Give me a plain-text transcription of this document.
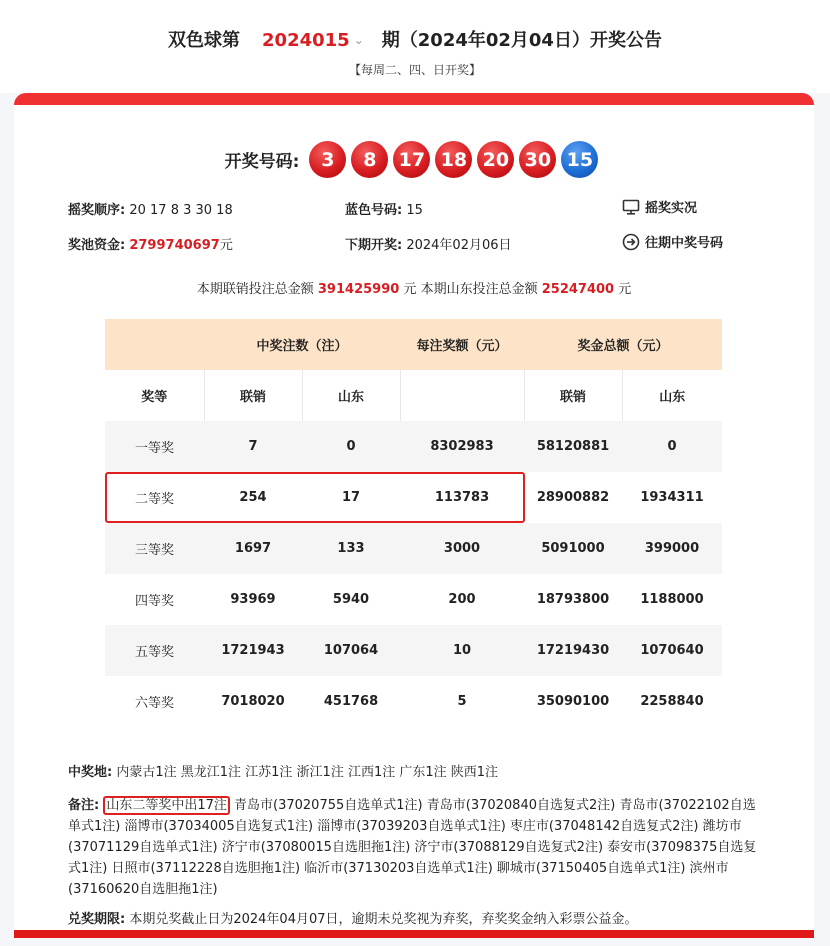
双色球第 2024015 ⌄ 期（2024年02月04日）开奖公告
【每周二、四、日开奖】
开奖号码:	3	8	17 18 20 30 15
摇奖顺序: 20 17 8 3 30 18	蓝色号码: 15	摇奖实况
奖池资金: 2799740697元	下期开奖: 2024年02月06日	往期中奖号码
本期联销投注总金额 391425990 元 本期山东投注总金额 25247400 元
	中奖注数（注）		每注奖额（元）	奖金总额（元）	
奖等	联销	山东		联销	山东
一等奖	7	0	8302983	58120881	0
二等奖	254	17	113783	28900882	1934311
三等奖	1697	133	3000	5091000	399000
四等奖	93969	5940	200	18793800	1188000
五等奖	1721943	107064	10	17219430	1070640
六等奖	7018020	451768	5	35090100	2258840
中奖地: 内蒙古1注 黑龙江1注 江苏1注 浙江1注 江西1注 广东1注 陕西1注
备注: 山东二等奖中出17注 青岛市(37020755自选单式1注) 青岛市(37020840自选复式2注) 青岛市(37022102自选单式1注) 淄博市(37034005自选复式1注) 淄博市(37039203自选单式1注) 枣庄市(37048142自选复式2注) 潍坊市(37071129自选单式1注) 济宁市(37080015自选胆拖1注) 济宁市(37088129自选复式2注) 泰安市(37098375自选复式1注) 日照市(37112228自选胆拖1注) 临沂市(37130203自选单式1注) 聊城市(37150405自选单式1注) 滨州市(37160620自选胆拖1注)
兑奖期限: 本期兑奖截止日为2024年04月07日，逾期未兑奖视为弃奖，弃奖奖金纳入彩票公益金。
